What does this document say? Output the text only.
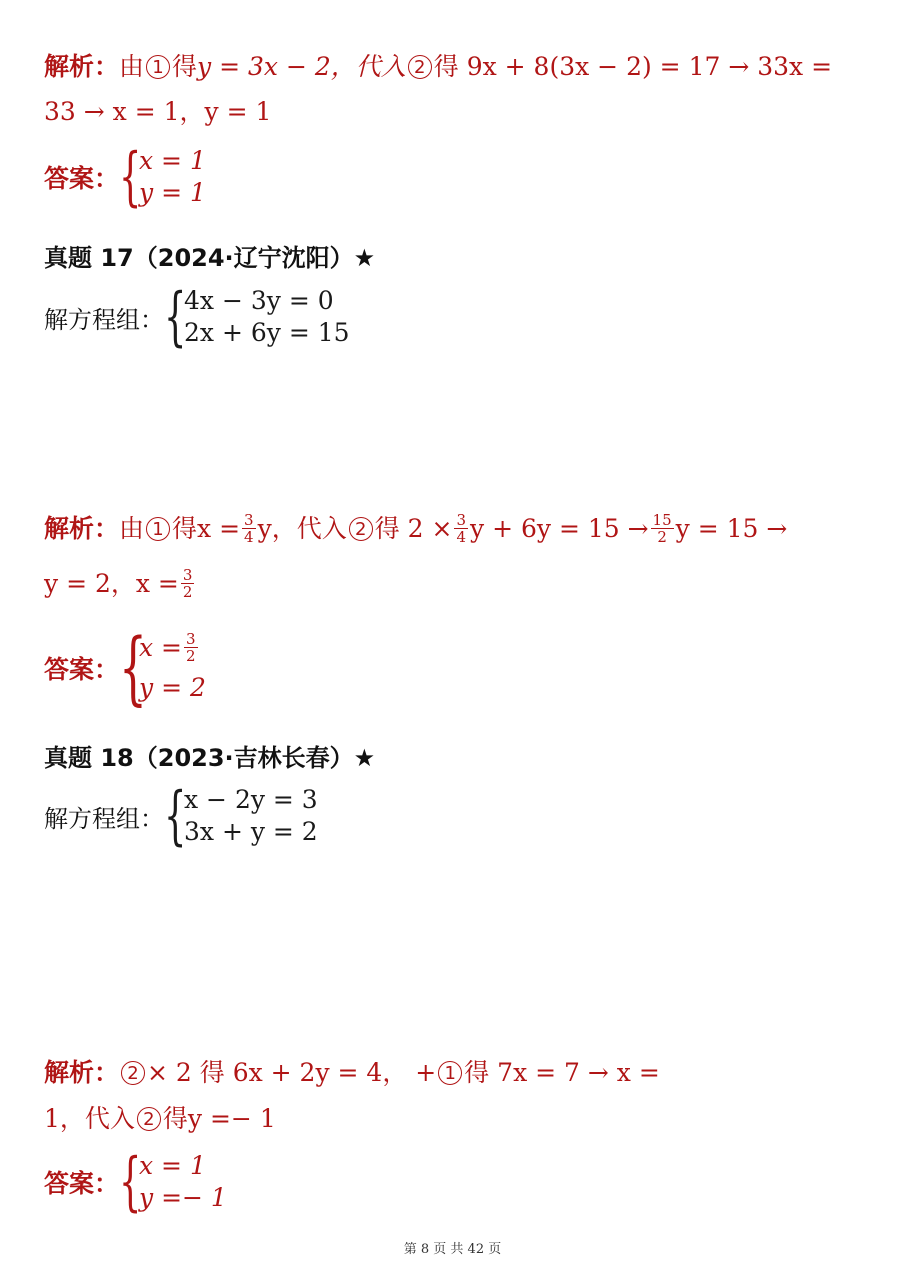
解析：由 1 得y = 3x − 2，代入 2 得 9x + 8(3x − 2) = 17 → 33x =
33 → x = 1，y = 1
答案： {
x = 1
y = 1
真题 17（2024·辽宁沈阳）★
解方程组： {
4x − 3y = 0
2x + 6y = 15
解析：由 1 得$x = \frac{3}{4}$ y，代入 2 得 $2 \times \frac{3}{4}$ $y + 6y = 15 \to \frac{15}{2}$ y = 15 →
y = 2，$x = \frac{3}{2}$
答案： {
$x = \frac{3}{2}$
y = 2
真题 18（2023·吉林长春）★
解方程组： {
x − 2y = 3
3x + y = 2
解析： 2 × 2 得 6x + 2y = 4， + 1 得 7x = 7 → x =
1，代入 2 得y =− 1
答案： {
x = 1
y =− 1
第 8 页 共 42 页
